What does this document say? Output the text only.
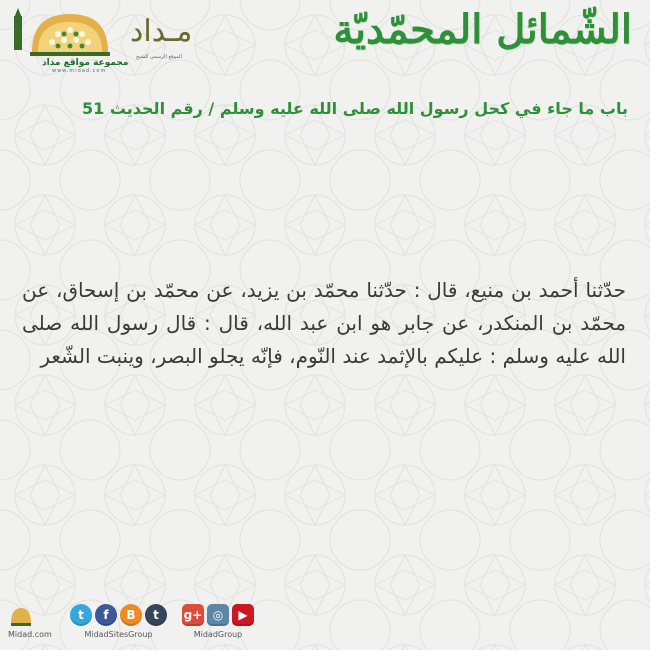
مجموعة مواقع مداد
www.midad.com
مـداد
الموقع الرسمي للشيخ
الشّمائل المحمّديّة
باب ما جاء في كحل رسول الله صلى الله عليه وسلم / رقم الحديث 51
حدّثنا أحمد بن منيع، قال : حدّثنا محمّد بن يزيد، عن محمّد بن إسحاق، عن محمّد بن المنكدر، عن جابر هو ابن عبد الله، قال : قال رسول الله صلى الله عليه وسلم : عليكم بالإثمد عند النّوم، فإنّه يجلو البصر، وينبت الشّعر
Midad.com
t	f	B	t
MidadSitesGroup
g+ ◎	▶
MidadGroup
